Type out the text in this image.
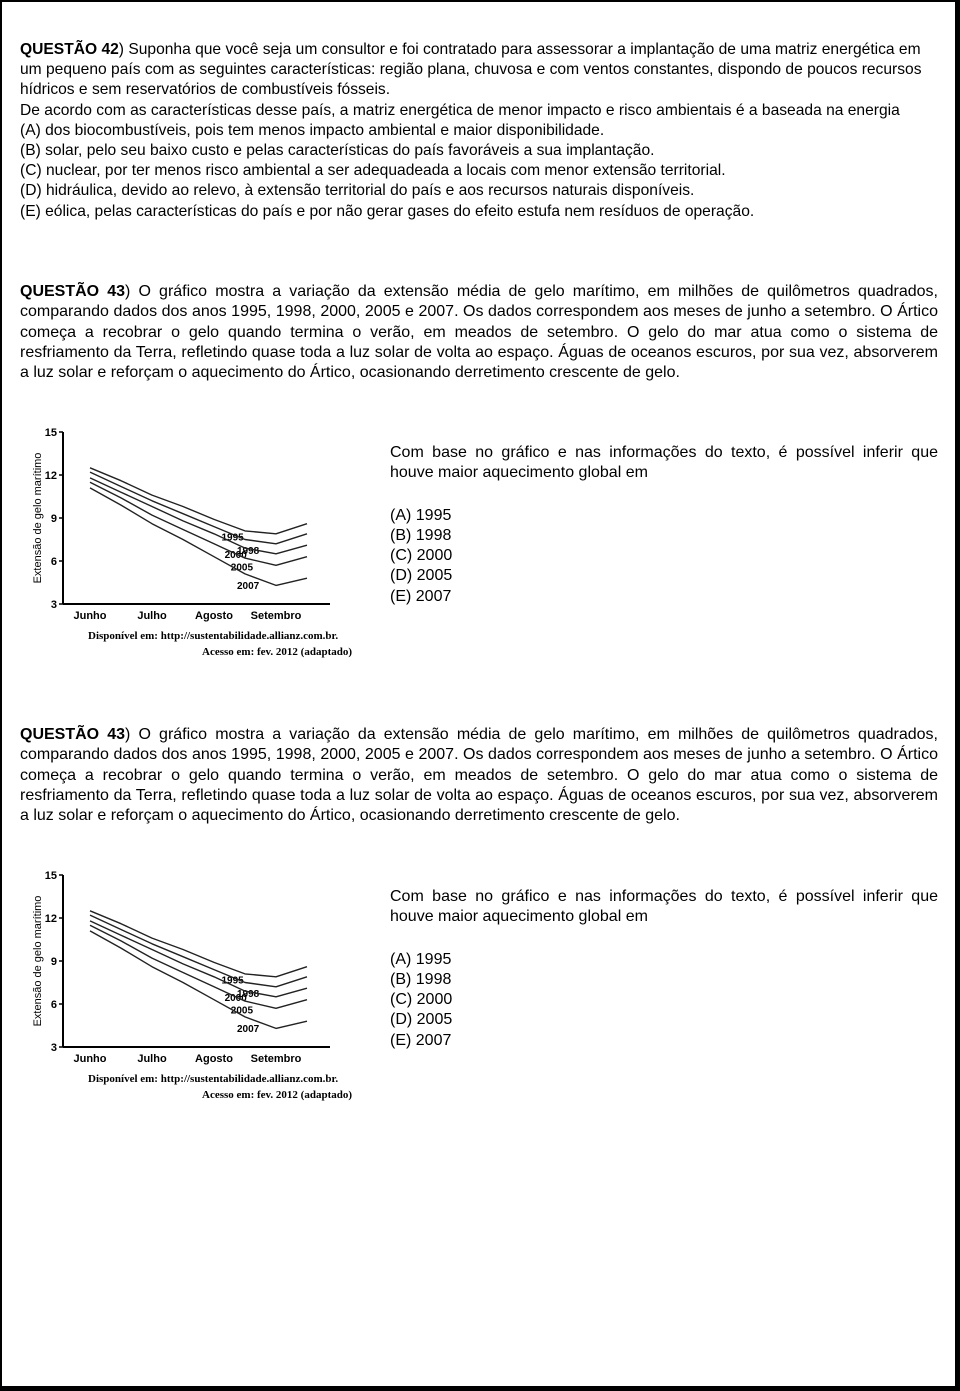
QUESTÃO 42) Suponha que você seja um consultor e foi contratado para assessorar a implantação de uma matriz energética em um pequeno país com as seguintes características: região plana, chuvosa e com ventos constantes, dispondo de poucos recursos hídricos e sem reservatórios de combustíveis fósseis.

De acordo com as características desse país, a matriz energética de menor impacto e risco ambientais é a baseada na energia

(A) dos biocombustíveis, pois tem menos impacto ambiental e maior disponibilidade.

(B) solar, pelo seu baixo custo e pelas características do país favoráveis a sua implantação.

(C) nuclear, por ter menos risco ambiental a ser adequadeada a locais com menor extensão territorial.

(D) hidráulica, devido ao relevo, à extensão territorial do país e aos recursos naturais disponíveis.

(E) eólica, pelas características do país e por não gerar gases do efeito estufa nem resíduos de operação.

QUESTÃO 43) O gráfico mostra a variação da extensão média de gelo marítimo, em milhões de quilômetros quadrados, comparando dados dos anos 1995, 1998, 2000, 2005 e 2007. Os dados correspondem aos meses de junho a setembro. O Ártico começa a recobrar o gelo quando termina o verão, em meados de setembro. O gelo do mar atua como o sistema de resfriamento da Terra, refletindo quase toda a luz solar de volta ao espaço. Águas de oceanos escuros, por sua vez, absorverem a luz solar e reforçam o aquecimento do Ártico, ocasionando derretimento crescente de gelo.
15
12
9
6
3
Extensão de gelo marítimo
Junho	Julho	Agosto Setembro
1995
1998
2000
2005
2007
Disponível em: http://sustentabilidade.allianz.com.br.
Acesso em: fev. 2012 (adaptado)

Com base no gráfico e nas informações do texto, é possível inferir que houve maior aquecimento global em

(A) 1995
(B) 1998
(C) 2000
(D) 2005
(E) 2007
QUESTÃO 43) O gráfico mostra a variação da extensão média de gelo marítimo, em milhões de quilômetros quadrados, comparando dados dos anos 1995, 1998, 2000, 2005 e 2007. Os dados correspondem aos meses de junho a setembro. O Ártico começa a recobrar o gelo quando termina o verão, em meados de setembro. O gelo do mar atua como o sistema de resfriamento da Terra, refletindo quase toda a luz solar de volta ao espaço. Águas de oceanos escuros, por sua vez, absorverem a luz solar e reforçam o aquecimento do Ártico, ocasionando derretimento crescente de gelo.
15
12
9
6
3
Extensão de gelo marítimo
Junho	Julho	Agosto Setembro
1995
1998
2000
2005
2007
Disponível em: http://sustentabilidade.allianz.com.br.
Acesso em: fev. 2012 (adaptado)

Com base no gráfico e nas informações do texto, é possível inferir que houve maior aquecimento global em

(A) 1995
(B) 1998
(C) 2000
(D) 2005
(E) 2007
